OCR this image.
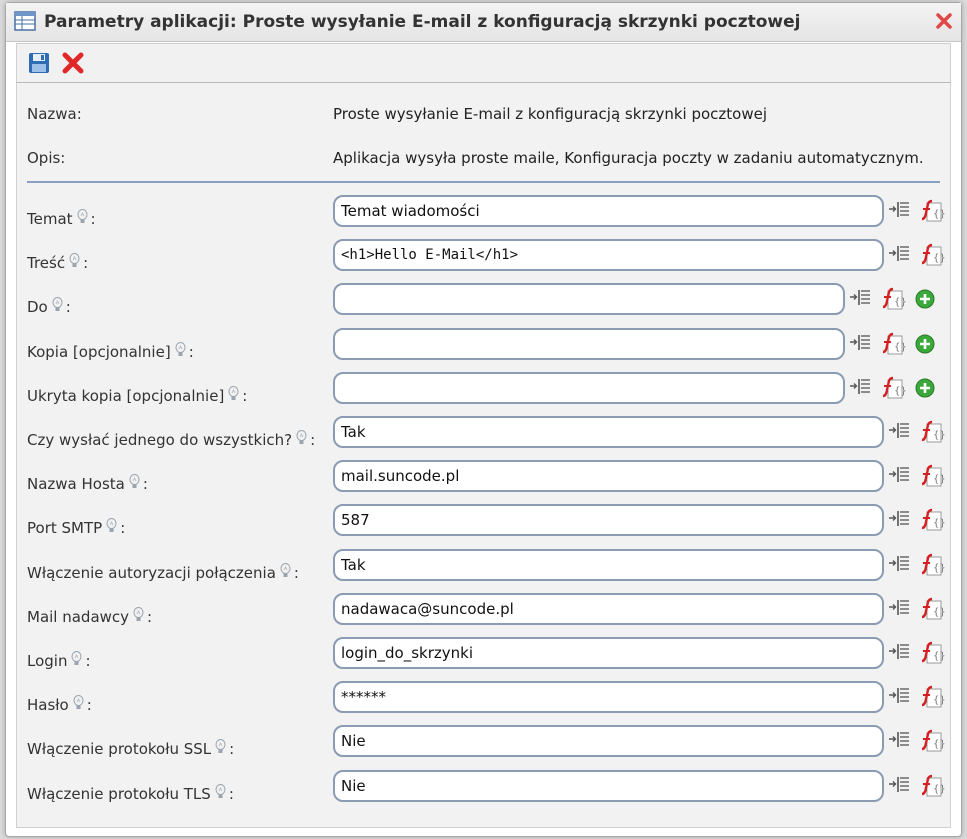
Parametry aplikacji: Proste wysyłanie E-mail z konfiguracją skrzynki pocztowej
Nazwa:	Proste wysyłanie E-mail z konfiguracją skrzynki pocztowej
Opis:	Aplikacja wysyła proste maile, Konfiguracja poczty w zadaniu automatycznym.
Temat :
Temat wiadomości	{}
Treść :
<h1>Hello E-Mail</h1>	{}
Do :	{}
Kopia [opcjonalnie] :	{}
Ukryta kopia [opcjonalnie] :	{}
Czy wysłać jednego do wszystkich? :
Tak	{}
Nazwa Hosta :
mail.suncode.pl	{}
Port SMTP :
587	{}
Włączenie autoryzacji połączenia :
Tak	{}
Mail nadawcy :
nadawaca@suncode.pl	{}
Login :
login_do_skrzynki	{}
Hasło :
******	{}
Włączenie protokołu SSL :
Nie	{}
Włączenie protokołu TLS :
Nie	{}
